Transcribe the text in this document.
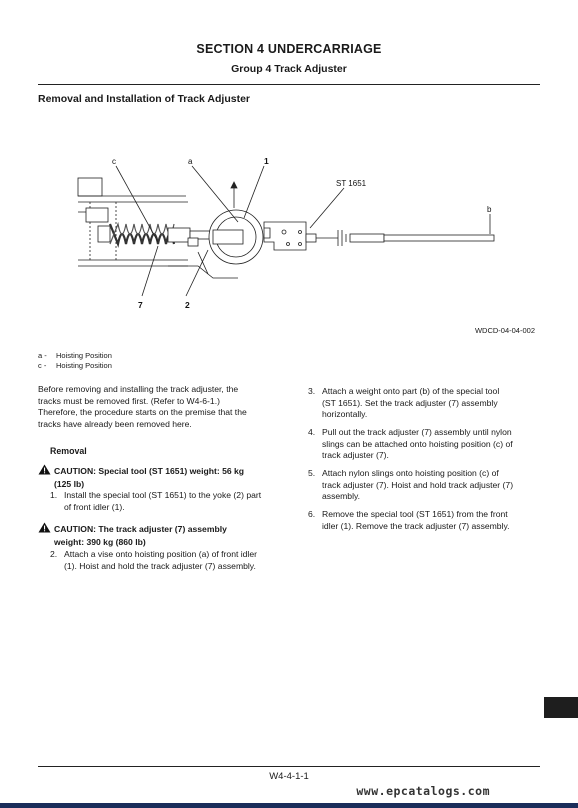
SECTION 4 UNDERCARRIAGE
Group 4 Track Adjuster
Removal and Installation of Track Adjuster
c	a	1
ST 1651
b
7	2
WDCD-04-04-002
a - Hoisting Position
c - Hoisting Position
Before removing and installing the track adjuster, the
tracks must be removed first. (Refer to W4-6-1.)
Therefore, the procedure starts on the premise that the
tracks have already been removed here.
Removal
CAUTION: Special tool (ST 1651) weight: 56 kg
(125 lb)
1. Install the special tool (ST 1651) to the yoke (2) part
of front idler (1).
CAUTION: The track adjuster (7) assembly
weight: 390 kg (860 lb)
2. Attach a vise onto hoisting position (a) of front idler
(1). Hoist and hold the track adjuster (7) assembly.
3. Attach a weight onto part (b) of the special tool
(ST 1651). Set the track adjuster (7) assembly
horizontally.
4. Pull out the track adjuster (7) assembly until nylon
slings can be attached onto hoisting position (c) of
track adjuster (7).
5. Attach nylon slings onto hoisting position (c) of
track adjuster (7). Hoist and hold track adjuster (7)
assembly.
6. Remove the special tool (ST 1651) from the front
idler (1). Remove the track adjuster (7) assembly.
W4-4-1-1
www.epcatalogs.com
